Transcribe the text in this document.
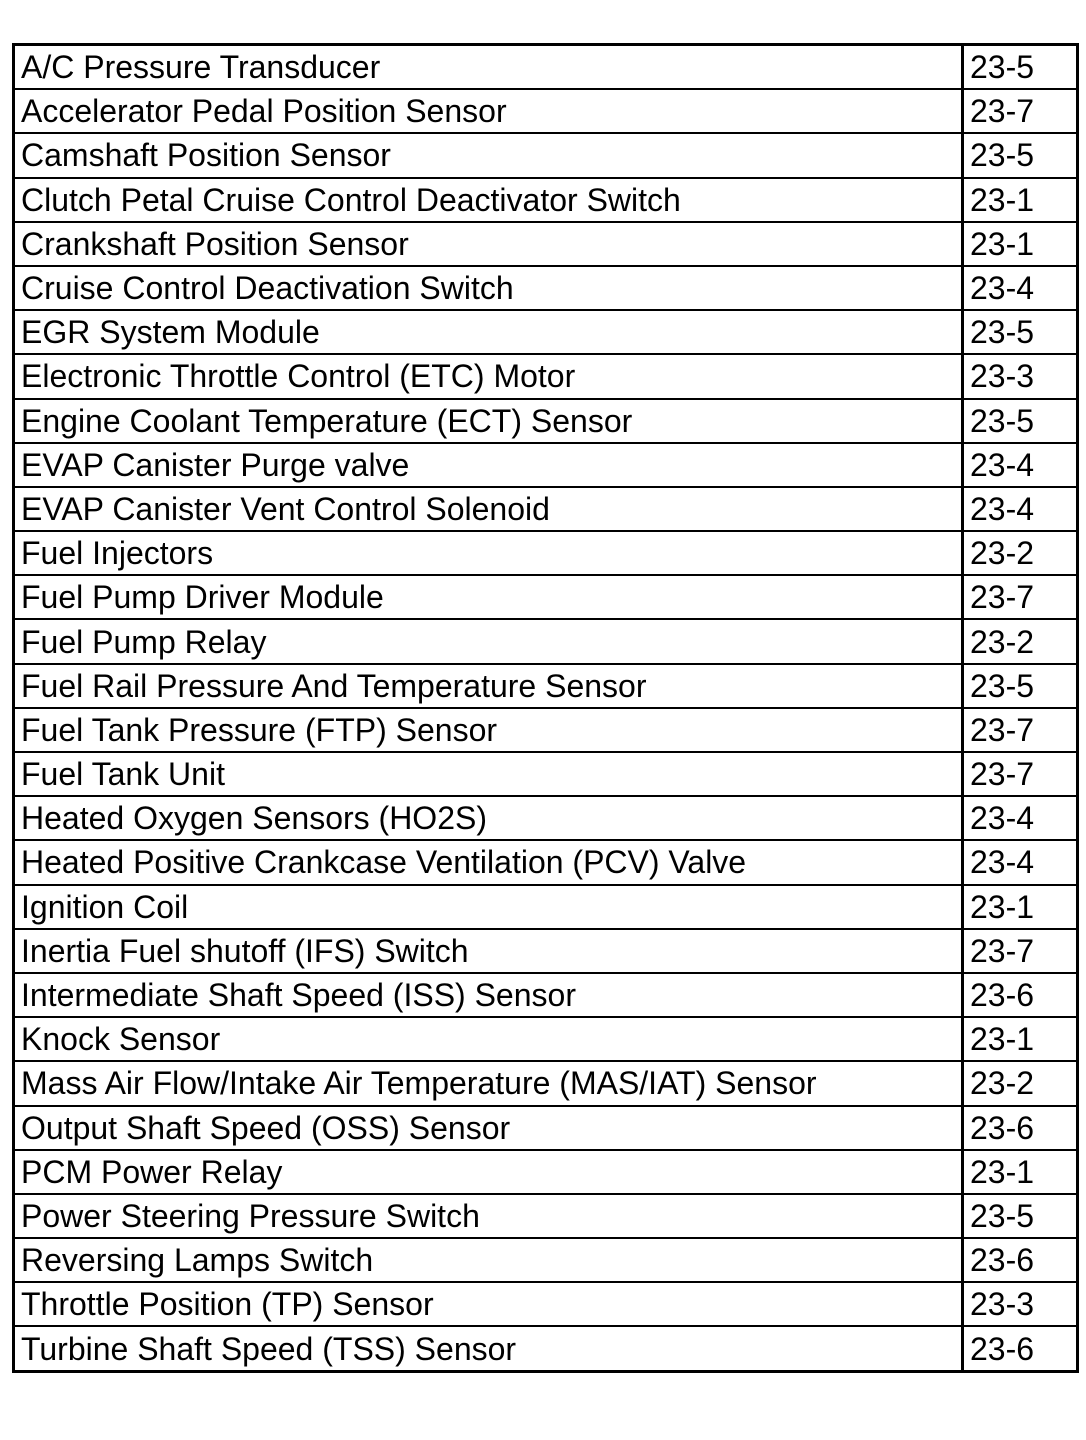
A/C Pressure Transducer	23-5
Accelerator Pedal Position Sensor	23-7
Camshaft Position Sensor	23-5
Clutch Petal Cruise Control Deactivator Switch	23-1
Crankshaft Position Sensor	23-1
Cruise Control Deactivation Switch	23-4
EGR System Module	23-5
Electronic Throttle Control (ETC) Motor	23-3
Engine Coolant Temperature (ECT) Sensor	23-5
EVAP Canister Purge valve	23-4
EVAP Canister Vent Control Solenoid	23-4
Fuel Injectors	23-2
Fuel Pump Driver Module	23-7
Fuel Pump Relay	23-2
Fuel Rail Pressure And Temperature Sensor	23-5
Fuel Tank Pressure (FTP) Sensor	23-7
Fuel Tank Unit	23-7
Heated Oxygen Sensors (HO2S)	23-4
Heated Positive Crankcase Ventilation (PCV) Valve	23-4
Ignition Coil	23-1
Inertia Fuel shutoff (IFS) Switch	23-7
Intermediate Shaft Speed (ISS) Sensor	23-6
Knock Sensor	23-1
Mass Air Flow/Intake Air Temperature (MAS/IAT) Sensor	23-2
Output Shaft Speed (OSS) Sensor	23-6
PCM Power Relay	23-1
Power Steering Pressure Switch	23-5
Reversing Lamps Switch	23-6
Throttle Position (TP) Sensor	23-3
Turbine Shaft Speed (TSS) Sensor	23-6
